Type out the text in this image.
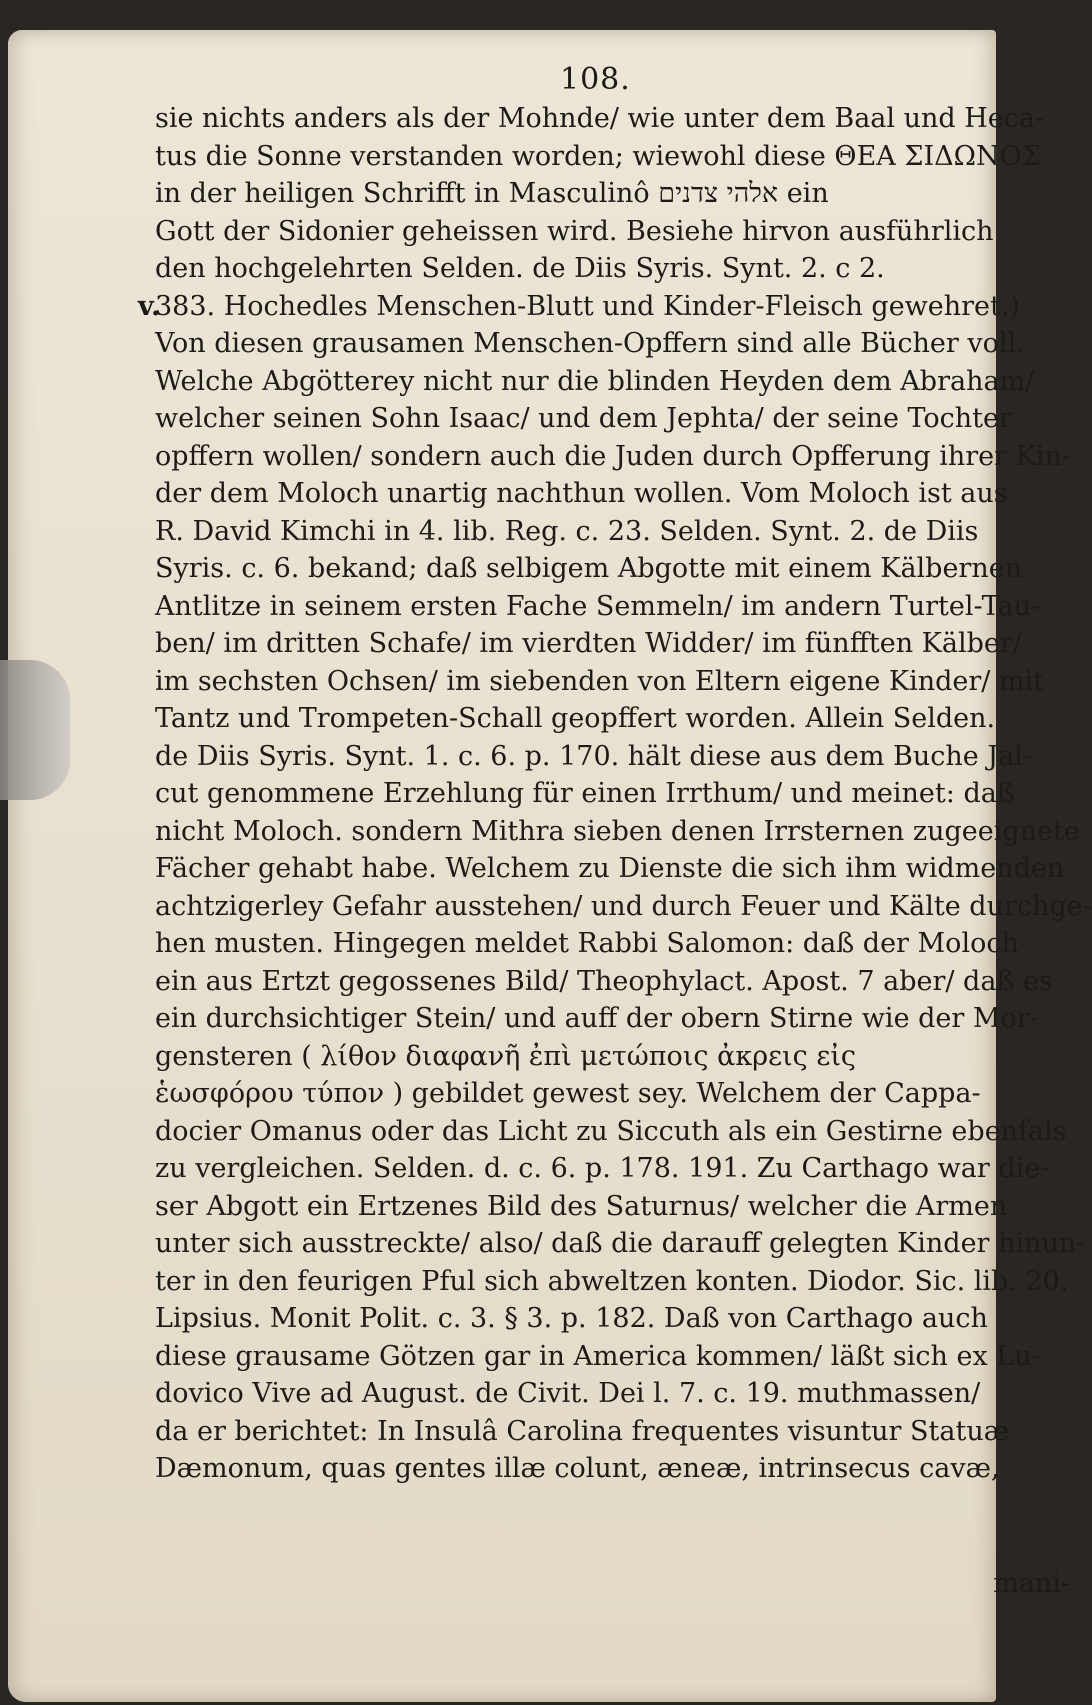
108.
sie nichts anders als der Mohnde/ wie unter dem Baal und Heca-
tus die Sonne verstanden worden; wiewohl diese ΘΕΑ ΣΙΔΩΝΟΣ
in der heiligen Schrifft in Masculinô אלהי צדנים ein
Gott der Sidonier geheissen wird. Besiehe hirvon ausführlich
den hochgelehrten Selden. de Diis Syris. Synt. 2. c 2.
383. Hochedles Menschen-Blutt und Kinder-Fleisch gewehret.)
Von diesen grausamen Menschen-Opffern sind alle Bücher voll.
Welche Abgötterey nicht nur die blinden Heyden dem Abraham/
welcher seinen Sohn Isaac/ und dem Jephta/ der seine Tochter
opffern wollen/ sondern auch die Juden durch Opfferung ihrer Kin-
der dem Moloch unartig nachthun wollen. Vom Moloch ist aus
R. David Kimchi in 4. lib. Reg. c. 23. Selden. Synt. 2. de Diis
Syris. c. 6. bekand; daß selbigem Abgotte mit einem Kälbernen
Antlitze in seinem ersten Fache Semmeln/ im andern Turtel-Tau-
ben/ im dritten Schafe/ im vierdten Widder/ im fünfften Kälber/
im sechsten Ochsen/ im siebenden von Eltern eigene Kinder/ mit
Tantz und Trompeten-Schall geopffert worden. Allein Selden.
de Diis Syris. Synt. 1. c. 6. p. 170. hält diese aus dem Buche Jal-
cut genommene Erzehlung für einen Irrthum/ und meinet: daß
nicht Moloch. sondern Mithra sieben denen Irrsternen zugeeignete
Fächer gehabt habe. Welchem zu Dienste die sich ihm widmenden
achtzigerley Gefahr ausstehen/ und durch Feuer und Kälte durchge-
hen musten. Hingegen meldet Rabbi Salomon: daß der Moloch
ein aus Ertzt gegossenes Bild/ Theophylact. Apost. 7 aber/ daß es
ein durchsichtiger Stein/ und auff der obern Stirne wie der Mor-
gensteren ( λίθον διαφανῆ ἐπὶ μετώποις ἀκρεις εἰς
ἑωσφόρου τύπον ) gebildet gewest sey. Welchem der Cappa-
docier Omanus oder das Licht zu Siccuth als ein Gestirne ebenfals
zu vergleichen. Selden. d. c. 6. p. 178. 191. Zu Carthago war die-
ser Abgott ein Ertzenes Bild des Saturnus/ welcher die Armen
unter sich ausstreckte/ also/ daß die darauff gelegten Kinder hinun-
ter in den feurigen Pful sich abweltzen konten. Diodor. Sic. lib. 20.
Lipsius. Monit Polit. c. 3. § 3. p. 182. Daß von Carthago auch
diese grausame Götzen gar in America kommen/ läßt sich ex Lu-
dovico Vive ad August. de Civit. Dei l. 7. c. 19. muthmassen/
da er berichtet: In Insulâ Carolina frequentes visuntur Statuæ
Dæmonum, quas gentes illæ colunt, æneæ, intrinsecus cavæ,
mani-
v.
